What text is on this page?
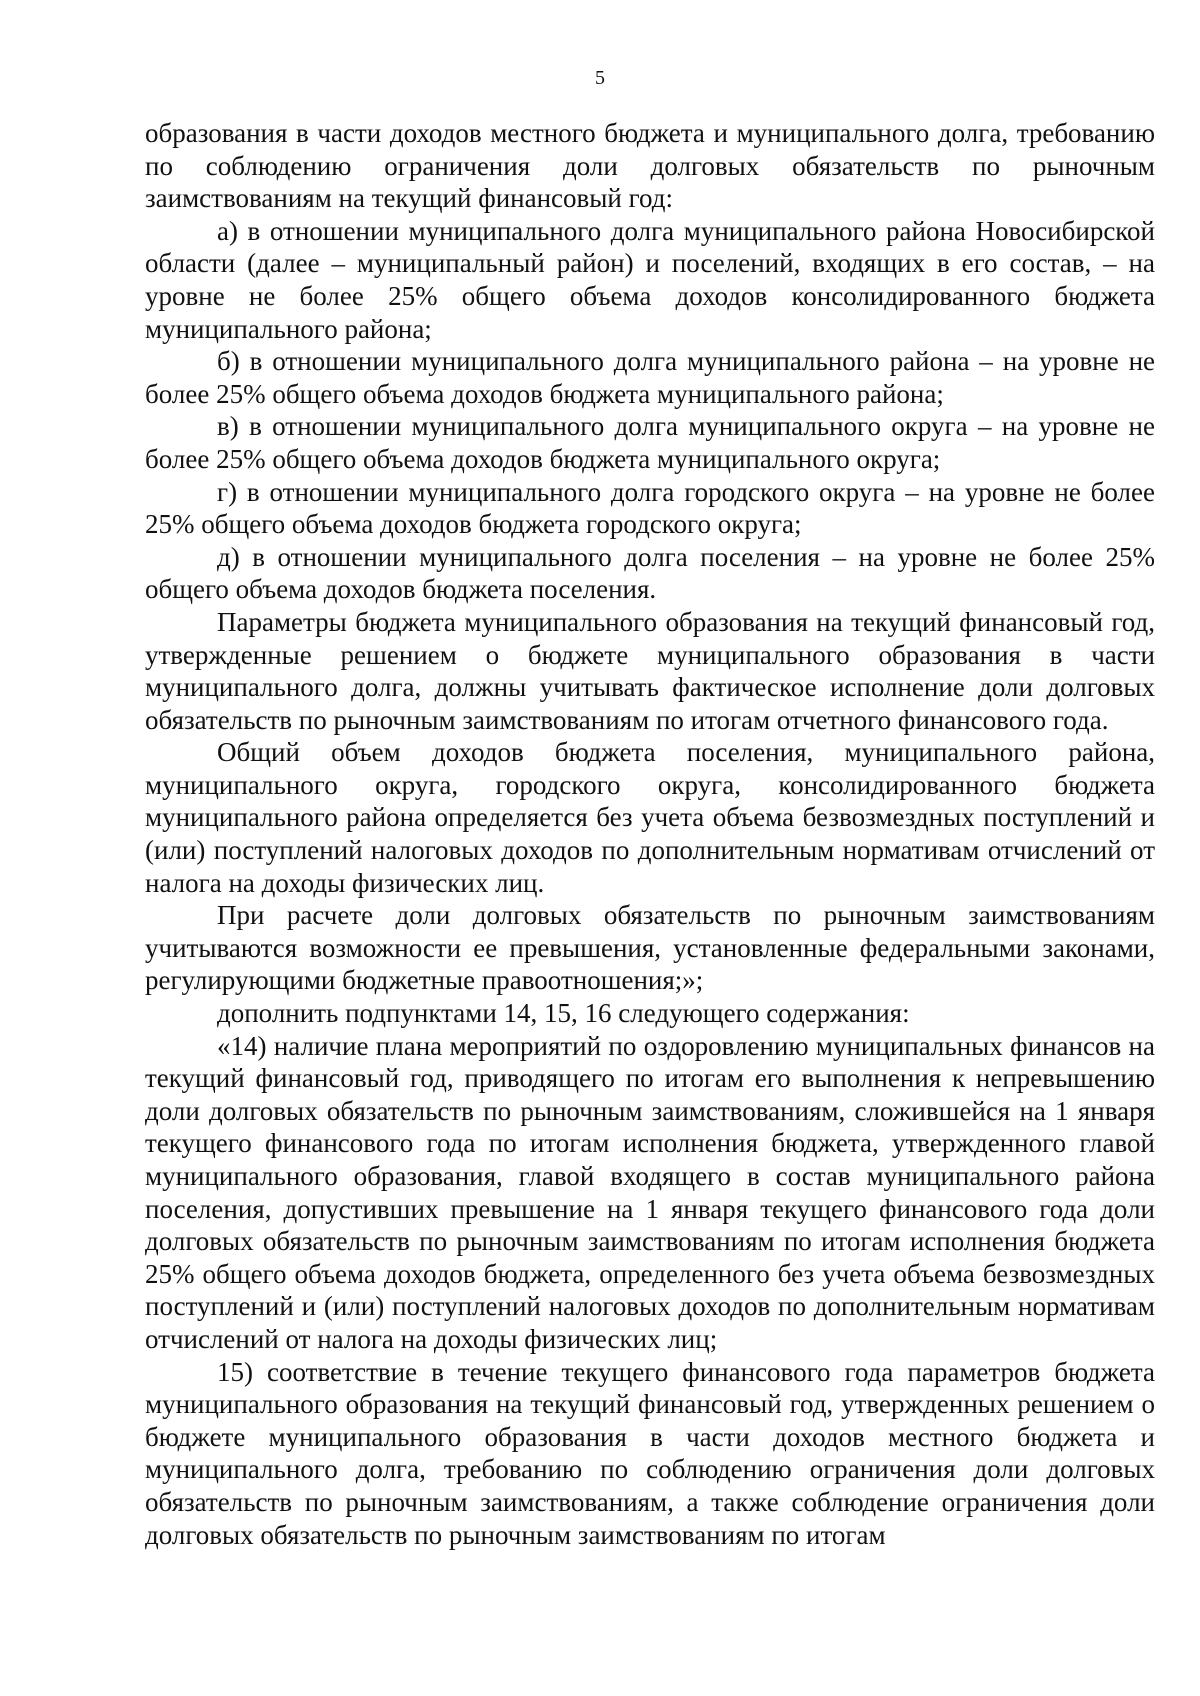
5

образования в части доходов местного бюджета и муниципального долга, требованию по соблюдению ограничения доли долговых обязательств по рыночным заимствованиям на текущий финансовый год:

а) в отношении муниципального долга муниципального района Новосибирской области (далее – муниципальный район) и поселений, входящих в его состав, – на уровне не более 25% общего объема доходов консолидированного бюджета муниципального района;

б) в отношении муниципального долга муниципального района – на уровне не более 25% общего объема доходов бюджета муниципального района;

в) в отношении муниципального долга муниципального округа – на уровне не более 25% общего объема доходов бюджета муниципального округа;

г) в отношении муниципального долга городского округа – на уровне не более 25% общего объема доходов бюджета городского округа;

д) в отношении муниципального долга поселения – на уровне не более 25% общего объема доходов бюджета поселения.

Параметры бюджета муниципального образования на текущий финансовый год, утвержденные решением о бюджете муниципального образования в части муниципального долга, должны учитывать фактическое исполнение доли долговых обязательств по рыночным заимствованиям по итогам отчетного финансового года.

Общий объем доходов бюджета поселения, муниципального района, муниципального округа, городского округа, консолидированного бюджета муниципального района определяется без учета объема безвозмездных поступлений и (или) поступлений налоговых доходов по дополнительным нормативам отчислений от налога на доходы физических лиц.

При расчете доли долговых обязательств по рыночным заимствованиям учитываются возможности ее превышения, установленные федеральными законами, регулирующими бюджетные правоотношения;»;

дополнить подпунктами 14, 15, 16 следующего содержания:

«14) наличие плана мероприятий по оздоровлению муниципальных финансов на текущий финансовый год, приводящего по итогам его выполнения к непревышению доли долговых обязательств по рыночным заимствованиям, сложившейся на 1 января текущего финансового года по итогам исполнения бюджета, утвержденного главой муниципального образования, главой входящего в состав муниципального района поселения, допустивших превышение на 1 января текущего финансового года доли долговых обязательств по рыночным заимствованиям по итогам исполнения бюджета 25% общего объема доходов бюджета, определенного без учета объема безвозмездных поступлений и (или) поступлений налоговых доходов по дополнительным нормативам отчислений от налога на доходы физических лиц;

15) соответствие в течение текущего финансового года параметров бюджета муниципального образования на текущий финансовый год, утвержденных решением о бюджете муниципального образования в части доходов местного бюджета и муниципального долга, требованию по соблюдению ограничения доли долговых обязательств по рыночным заимствованиям, а также соблюдение ограничения доли долговых обязательств по рыночным заимствованиям по итогам
